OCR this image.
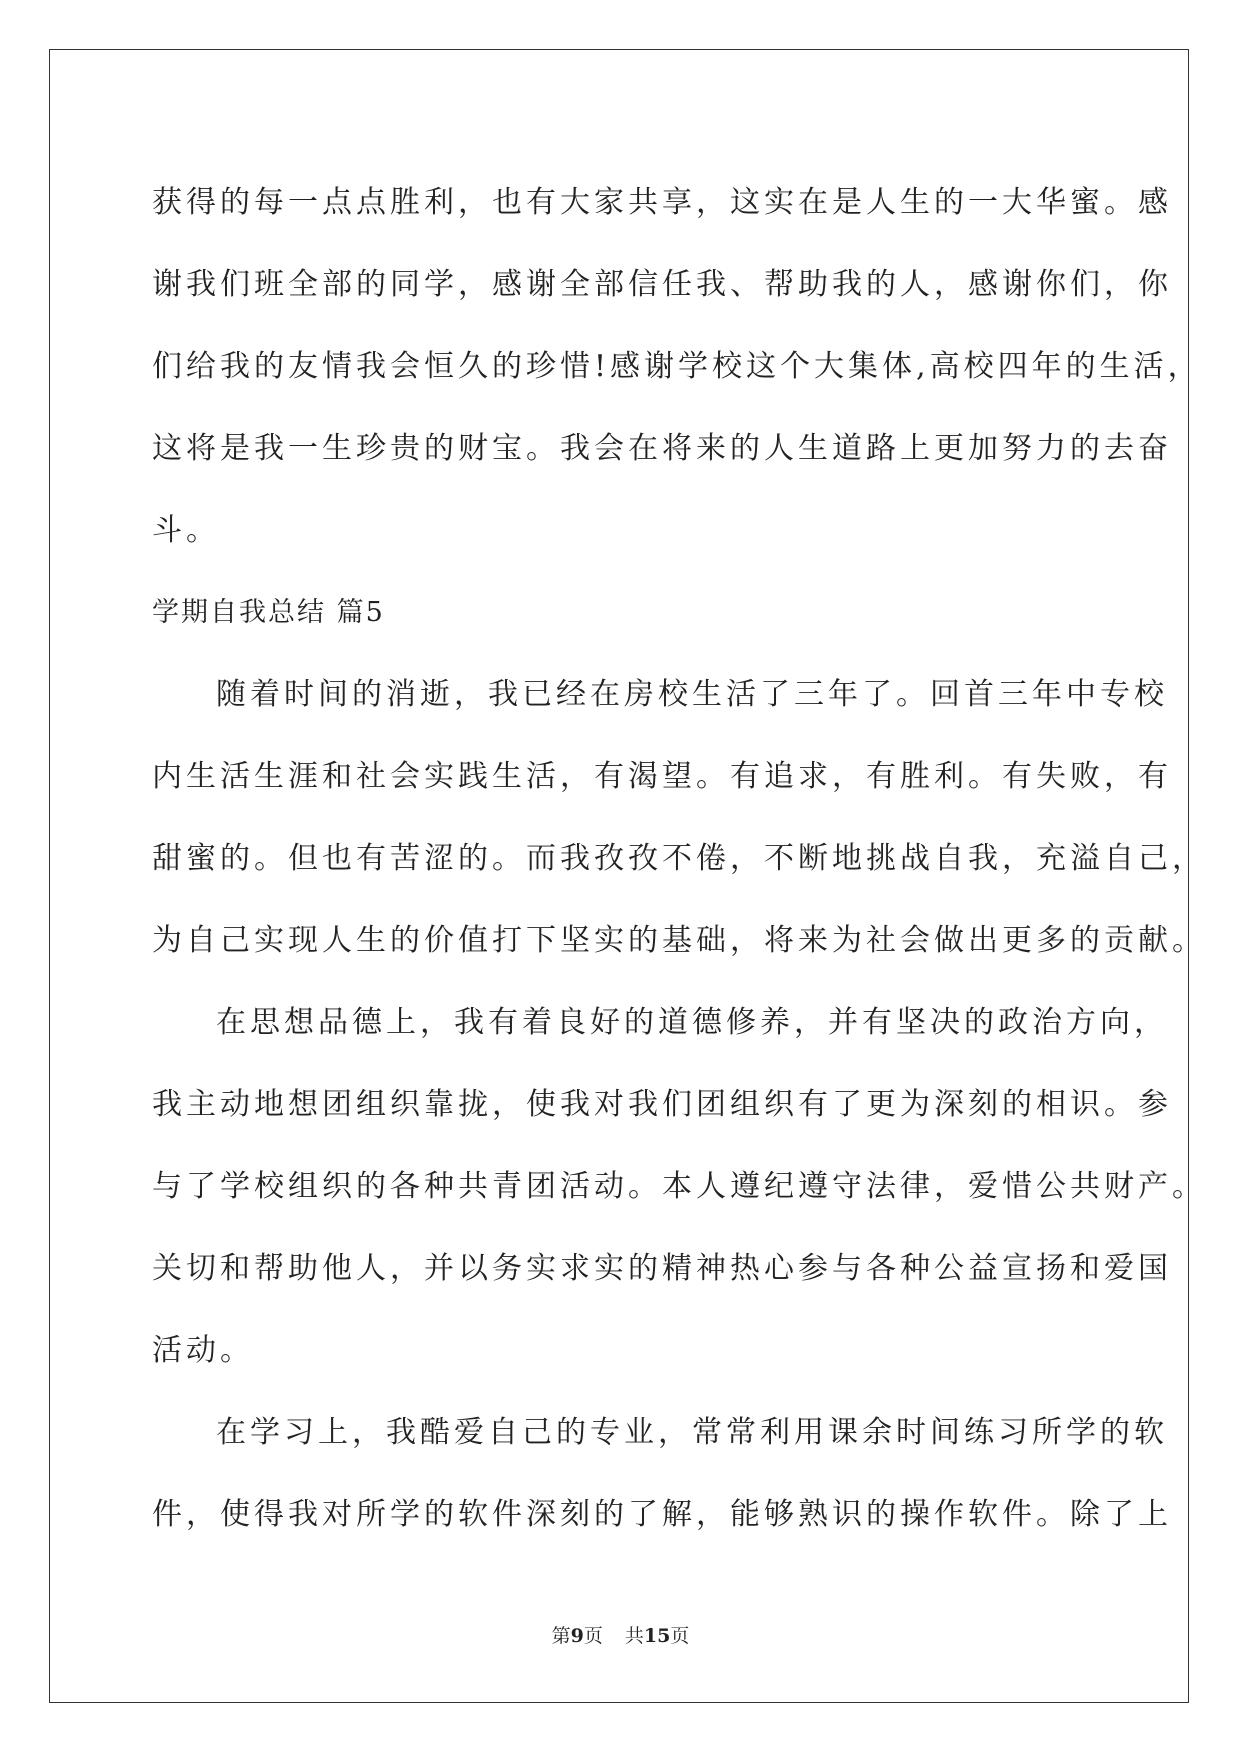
获得的每一点点胜利，也有大家共享，这实在是人生的一大华蜜。感
谢我们班全部的同学，感谢全部信任我、帮助我的人，感谢你们，你
们给我的友情我会恒久的珍惜!感谢学校这个大集体,高校四年的生活，
这将是我一生珍贵的财宝。我会在将来的人生道路上更加努力的去奋
斗。
学期自我总结 篇5
随着时间的消逝，我已经在房校生活了三年了。回首三年中专校
内生活生涯和社会实践生活，有渴望。有追求，有胜利。有失败，有
甜蜜的。但也有苦涩的。而我孜孜不倦，不断地挑战自我，充溢自己，
为自己实现人生的价值打下坚实的基础，将来为社会做出更多的贡献。
在思想品德上，我有着良好的道德修养，并有坚决的政治方向，
我主动地想团组织靠拢，使我对我们团组织有了更为深刻的相识。参
与了学校组织的各种共青团活动。本人遵纪遵守法律，爱惜公共财产。
关切和帮助他人，并以务实求实的精神热心参与各种公益宣扬和爱国
活动。
在学习上，我酷爱自己的专业，常常利用课余时间练习所学的软
件，使得我对所学的软件深刻的了解，能够熟识的操作软件。除了上
第9页 共15页
